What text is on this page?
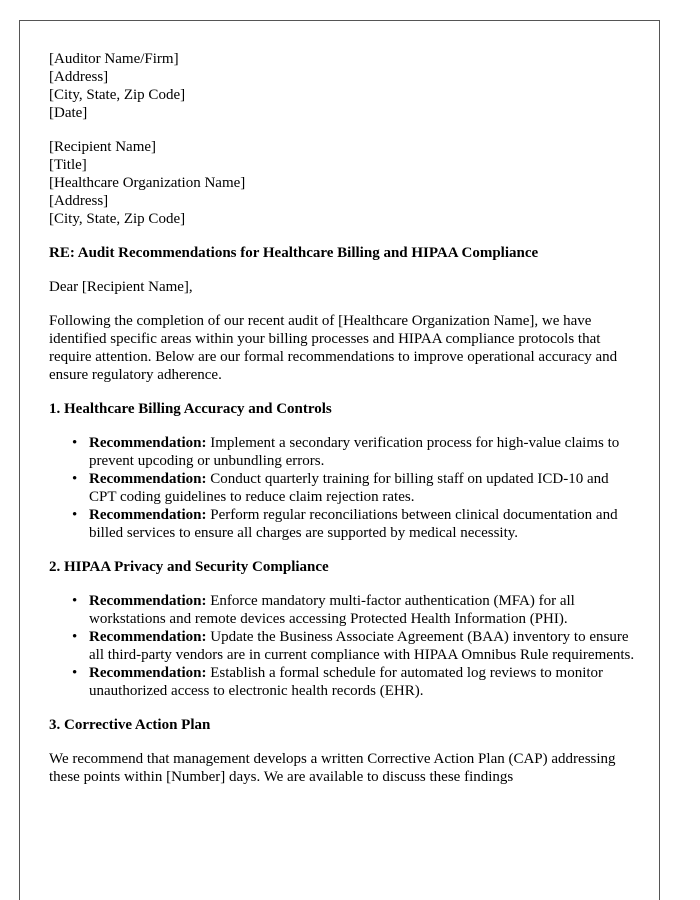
[Auditor Name/Firm]
[Address]
[City, State, Zip Code]
[Date]
[Recipient Name]
[Title]
[Healthcare Organization Name]
[Address]
[City, State, Zip Code]
RE: Audit Recommendations for Healthcare Billing and HIPAA Compliance
Dear [Recipient Name],
Following the completion of our recent audit of [Healthcare Organization Name], we have identified specific areas within your billing processes and HIPAA compliance protocols that require attention. Below are our formal recommendations to improve operational accuracy and ensure regulatory adherence.
1. Healthcare Billing Accuracy and Controls
• Recommendation: Implement a secondary verification process for high-value claims to prevent upcoding or unbundling errors.
• Recommendation: Conduct quarterly training for billing staff on updated ICD-10 and CPT coding guidelines to reduce claim rejection rates.
• Recommendation: Perform regular reconciliations between clinical documentation and billed services to ensure all charges are supported by medical necessity.
2. HIPAA Privacy and Security Compliance
• Recommendation: Enforce mandatory multi-factor authentication (MFA) for all workstations and remote devices accessing Protected Health Information (PHI).
• Recommendation: Update the Business Associate Agreement (BAA) inventory to ensure all third-party vendors are in current compliance with HIPAA Omnibus Rule requirements.
• Recommendation: Establish a formal schedule for automated log reviews to monitor unauthorized access to electronic health records (EHR).
3. Corrective Action Plan
We recommend that management develops a written Corrective Action Plan (CAP) addressing these points within [Number] days. We are available to discuss these findings
